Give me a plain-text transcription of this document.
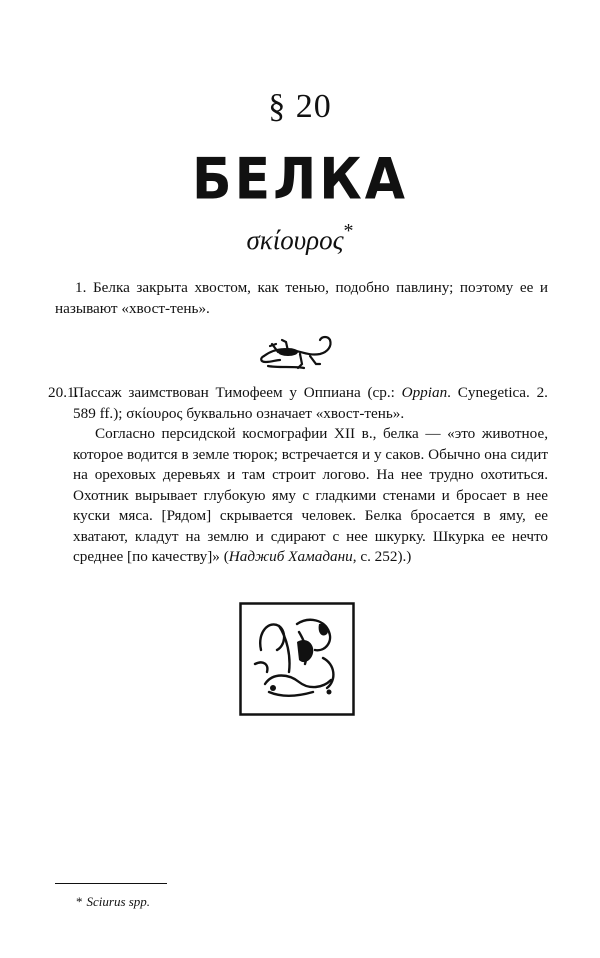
§ 20
БЕЛКА
σκίουρος*
1. Белка закрыта хвостом, как тенью, подобно павлину; поэтому ее и называют «хвост-тень».
20.1.
Пассаж заимствован Тимофеем у Оппиана (ср.: Oppian. Cynegetica. 2. 589 ff.); σκίουρος буквально означает «хвост-тень».
Согласно персидской космографии XII в., белка — «это животное, которое водится в земле тюрок; встречается и у саков. Обычно она сидит на ореховых деревьях и там строит логово. На нее трудно охотиться. Охотник вырывает глубокую яму с гладкими стенами и бросает в нее куски мяса. [Рядом] скрывается человек. Белка бросается в яму, ее хватают, кладут на землю и сдирают с нее шкурку. Шкурка ее нечто среднее [по качеству]» (Наджиб Хамадани, с. 252).)
* Sciurus spp.
